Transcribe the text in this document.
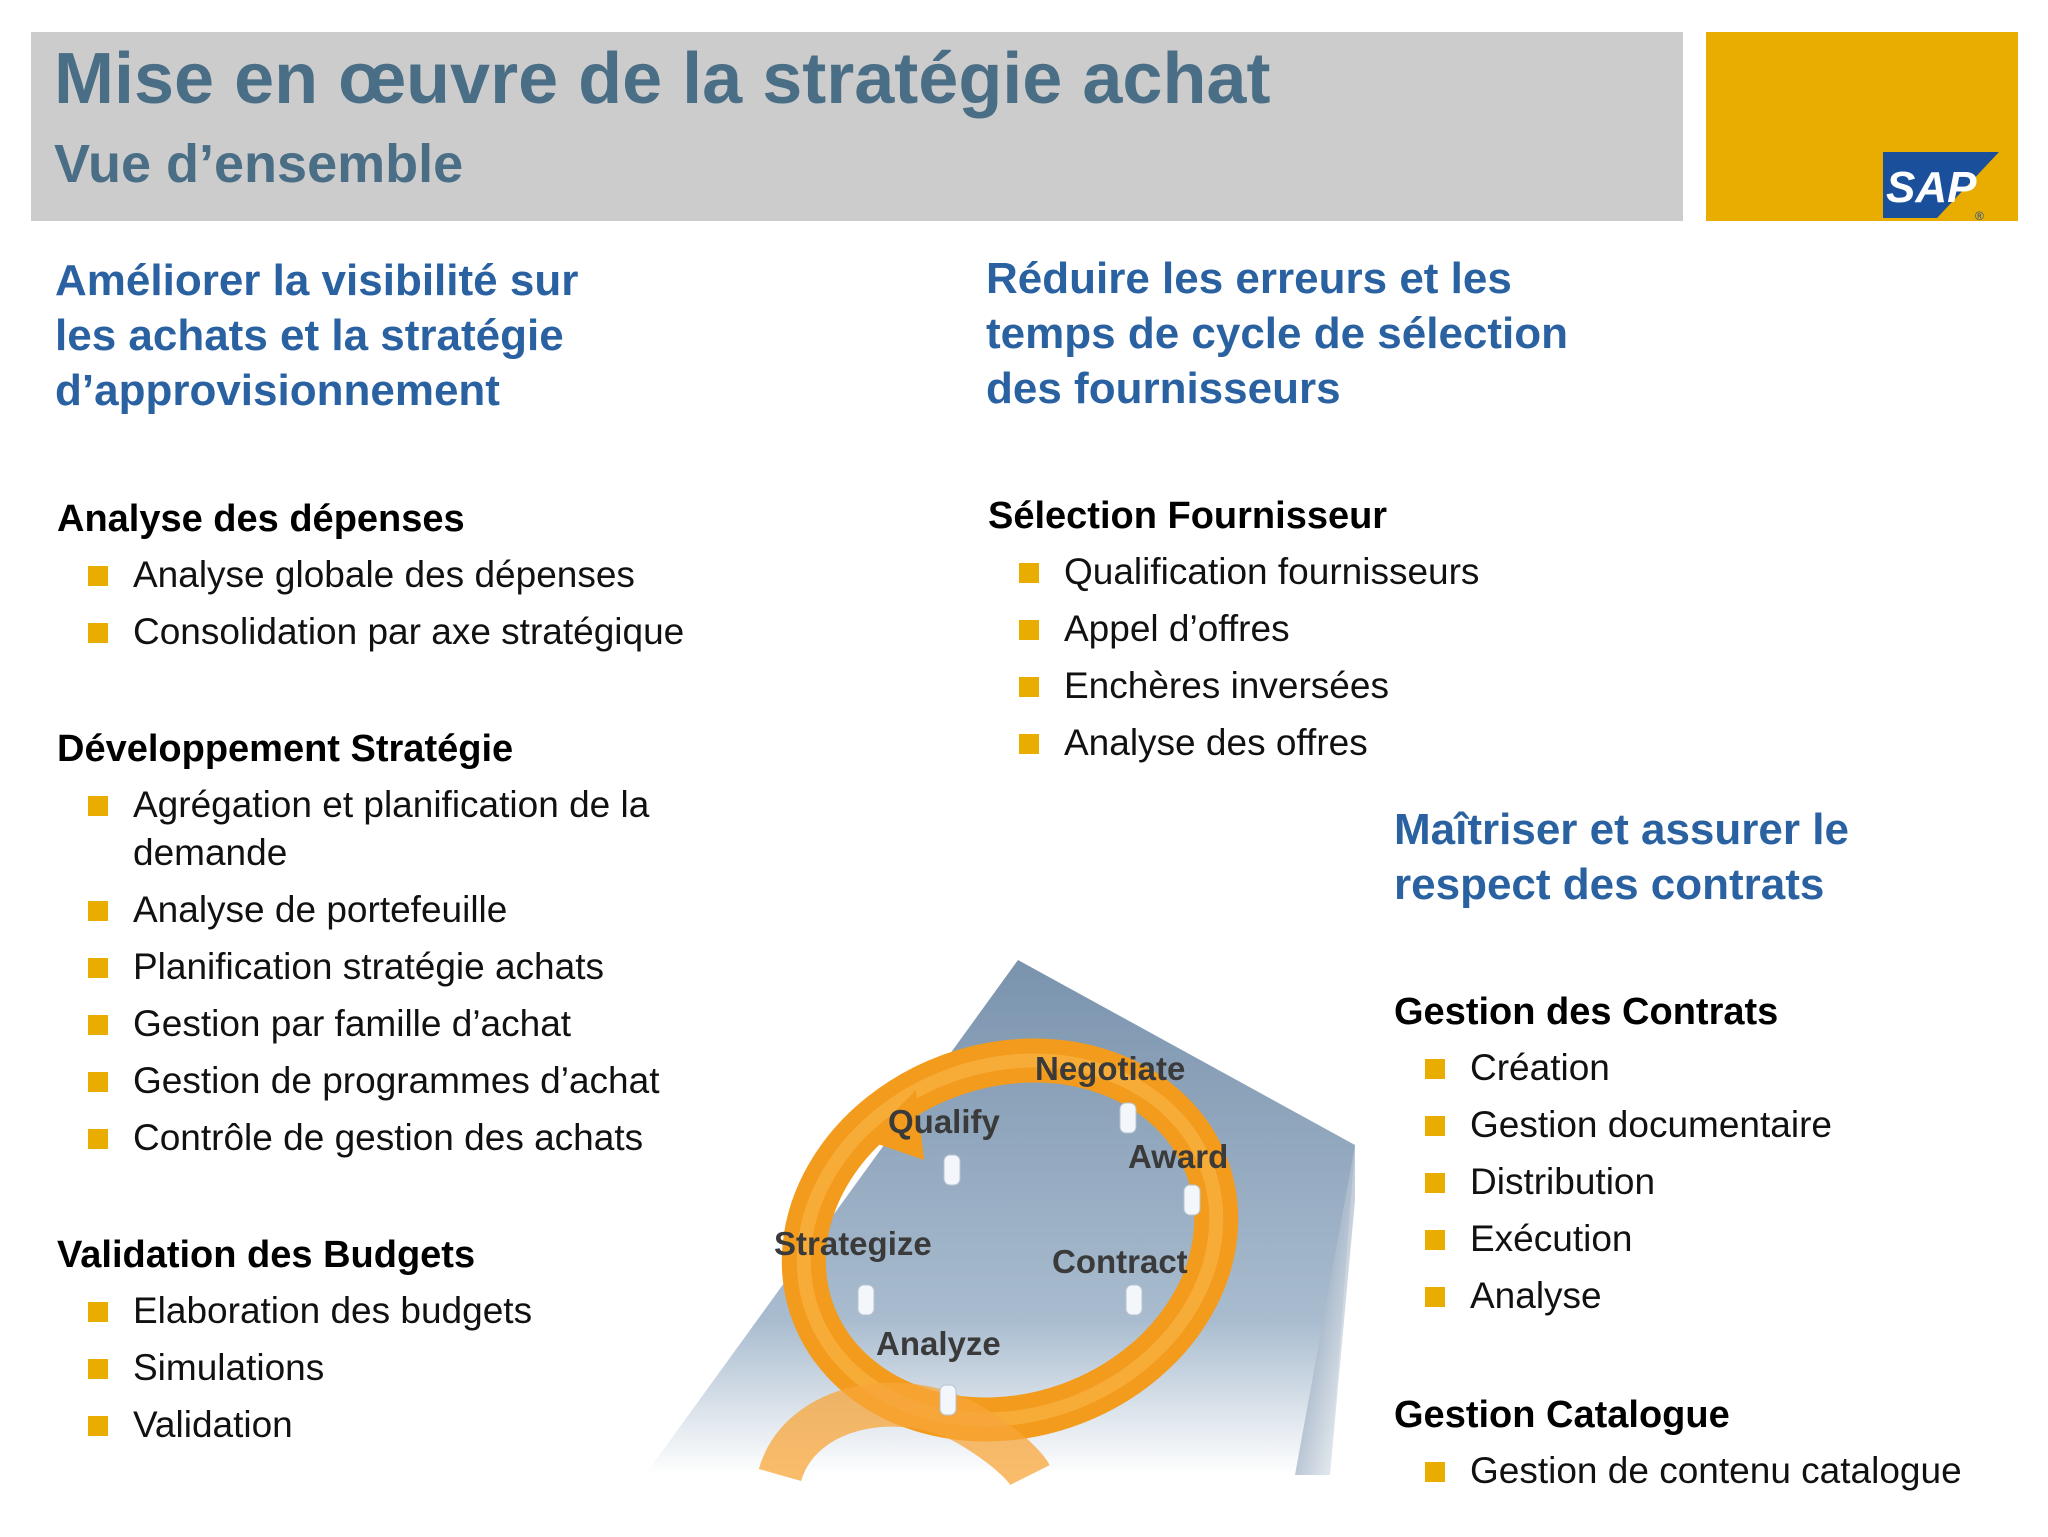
Mise en œuvre de la stratégie achat
Vue d’ensemble	SAP
®
Améliorer la visibilité sur
les achats et la stratégie
d’approvisionnement
Analyse des dépenses
Analyse globale des dépenses
Consolidation par axe stratégique
Développement Stratégie
Agrégation et planification de la
demande
Analyse de portefeuille
Planification stratégie achats
Gestion par famille d’achat
Gestion de programmes d’achat
Contrôle de gestion des achats
Validation des Budgets
Elaboration des budgets
Simulations
Validation
Réduire les erreurs et les
temps de cycle de sélection
des fournisseurs
Sélection Fournisseur
Qualification fournisseurs
Appel d’offres
Enchères inversées
Analyse des offres
Maîtriser et assurer le
respect des contrats
Gestion des Contrats
Création
Gestion documentaire
Distribution
Exécution
Analyse
Gestion Catalogue
Gestion de contenu catalogue
Negotiate
Qualify
Award
Strategize	Contract
Analyze
